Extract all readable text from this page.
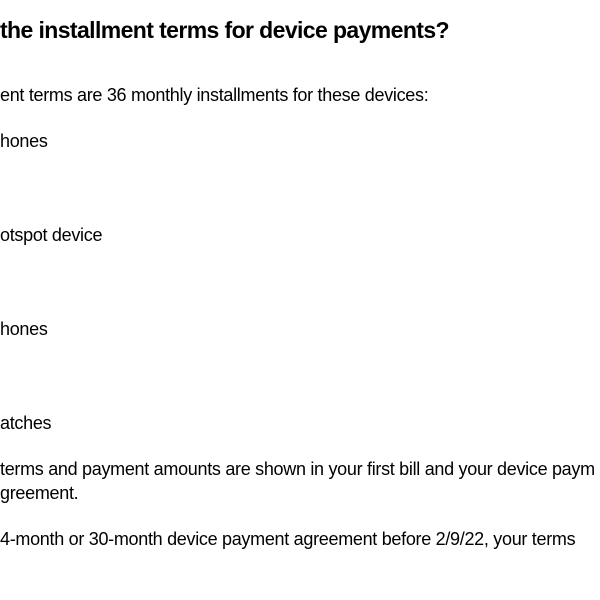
the installment terms for device payments?
ent terms are 36 monthly installments for these devices:
hones
otspot device
hones
atches
terms and payment amounts are shown in your first bill and your device paym
greement.
4-month or 30-month device payment agreement before 2/9/22, your terms
